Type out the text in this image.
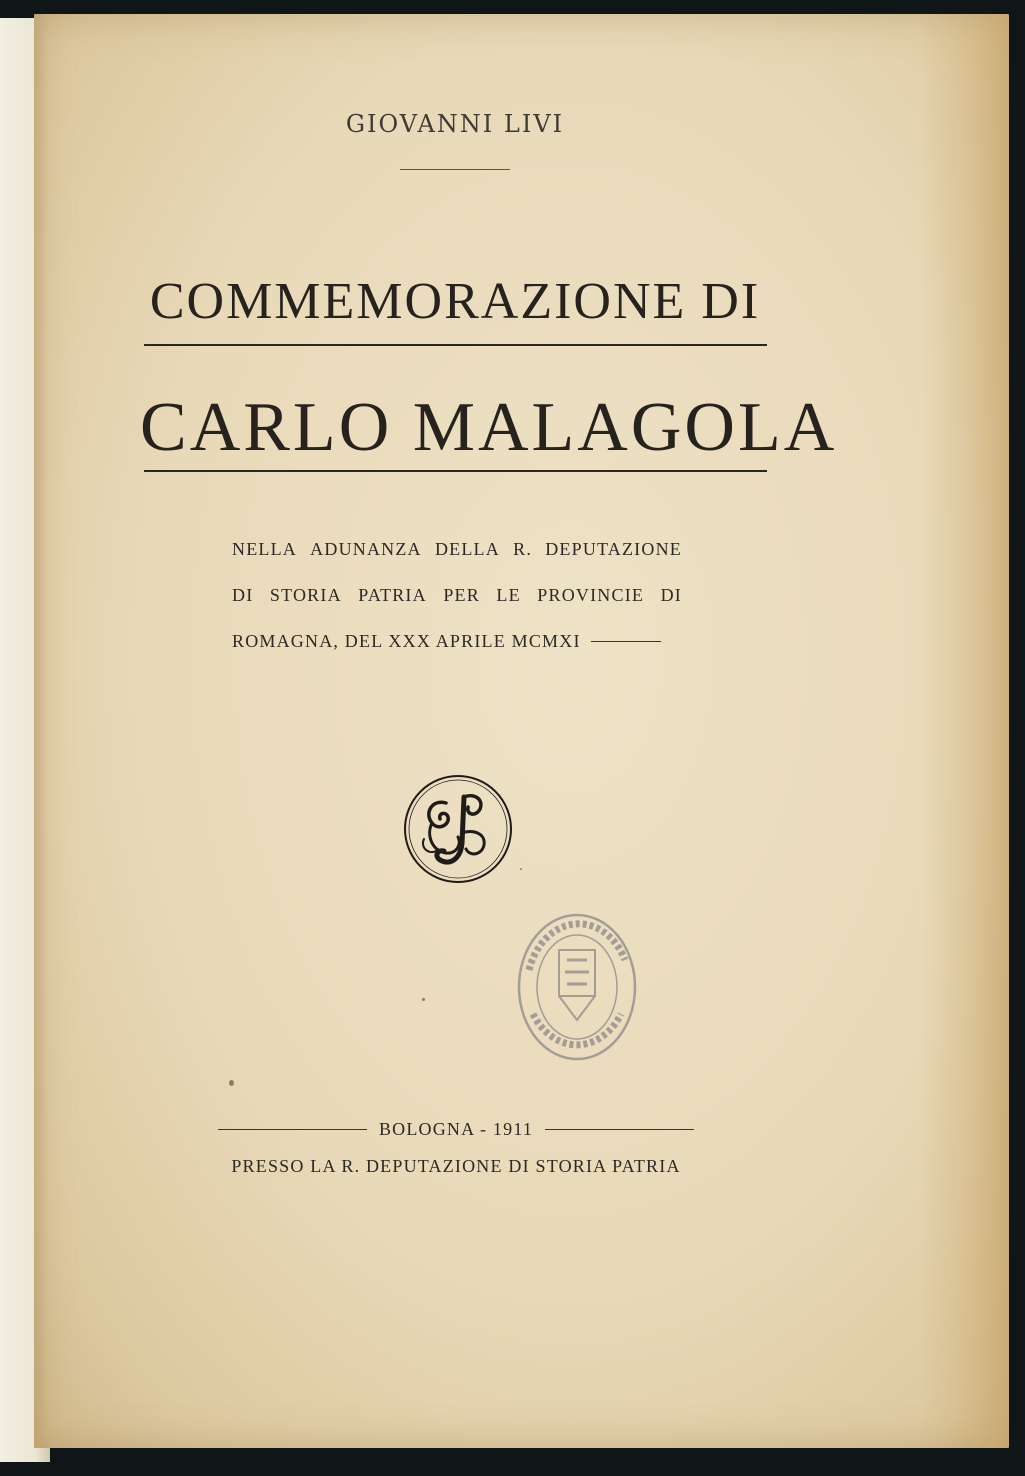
GIOVANNI LIVI
COMMEMORAZIONE DI
CARLO MALAGOLA
NELLA ADUNANZA DELLA R. DEPUTAZIONE
DI STORIA PATRIA PER LE PROVINCIE DI
ROMAGNA, DEL XXX APRILE MCMXI
BOLOGNA - 1911
PRESSO LA R. DEPUTAZIONE DI STORIA PATRIA
